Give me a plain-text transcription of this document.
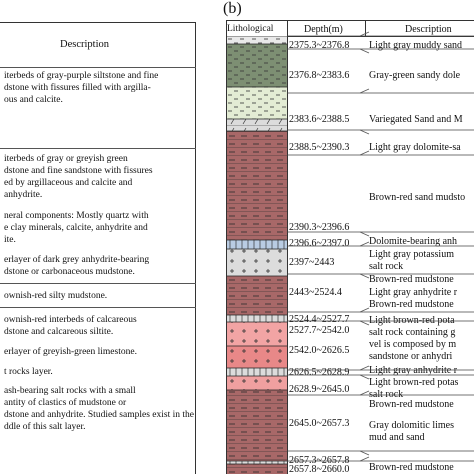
Description
iterbeds of gray-purple siltstone and fine
dstone with fissures filled with argilla-
ous and calcite.
iterbeds of gray or greyish green
dstone and fine sandstone with fissures
ed by argillaceous and calcite and
anhydrite.
neral components: Mostly quartz with
e clay minerals, calcite, anhydrite and
ite.
erlayer of dark grey anhydrite-bearing
dstone or carbonaceous mudstone.
ownish-red silty mudstone.
ownish-red interbeds of calcareous
dstone and calcareous siltite.
erlayer of greyish-green limestone.
t rocks layer.
ash-bearing salt rocks with a small
antity of clastics of mudstone or
dstone and anhydrite. Studied samples exist in the
ddle of this salt layer.
(b)
Lithological	Depth(m)	Description
2375.3~2376.8
2376.8~2383.6
2383.6~2388.5
2388.5~2390.3
2390.3~2396.6
2396.6~2397.0
2397~2443
2443~2524.4
2524.4~2527.7
2527.7~2542.0
2542.0~2626.5
2626.5~2628.9
2628.9~2645.0
2645.0~2657.3
2657.3~2657.8
2657.8~2660.0
Light gray muddy sand
Gray-green sandy dole
Variegated Sand and M
Light gray dolomite-sa
Brown-red sand mudsto
Dolomite-bearing anh
Light gray potassium
salt rock
Brown-red mudstone
Light gray anhydrite r
Brown-red mudstone
Light brown-red pota
salt rock containing g
vel is composed by m
sandstone or anhydri
Light gray anhydrite r
Light brown-red potas
salt rock
Brown-red mudstone
Gray dolomitic limes
mud and sand
Brown-red mudstone
